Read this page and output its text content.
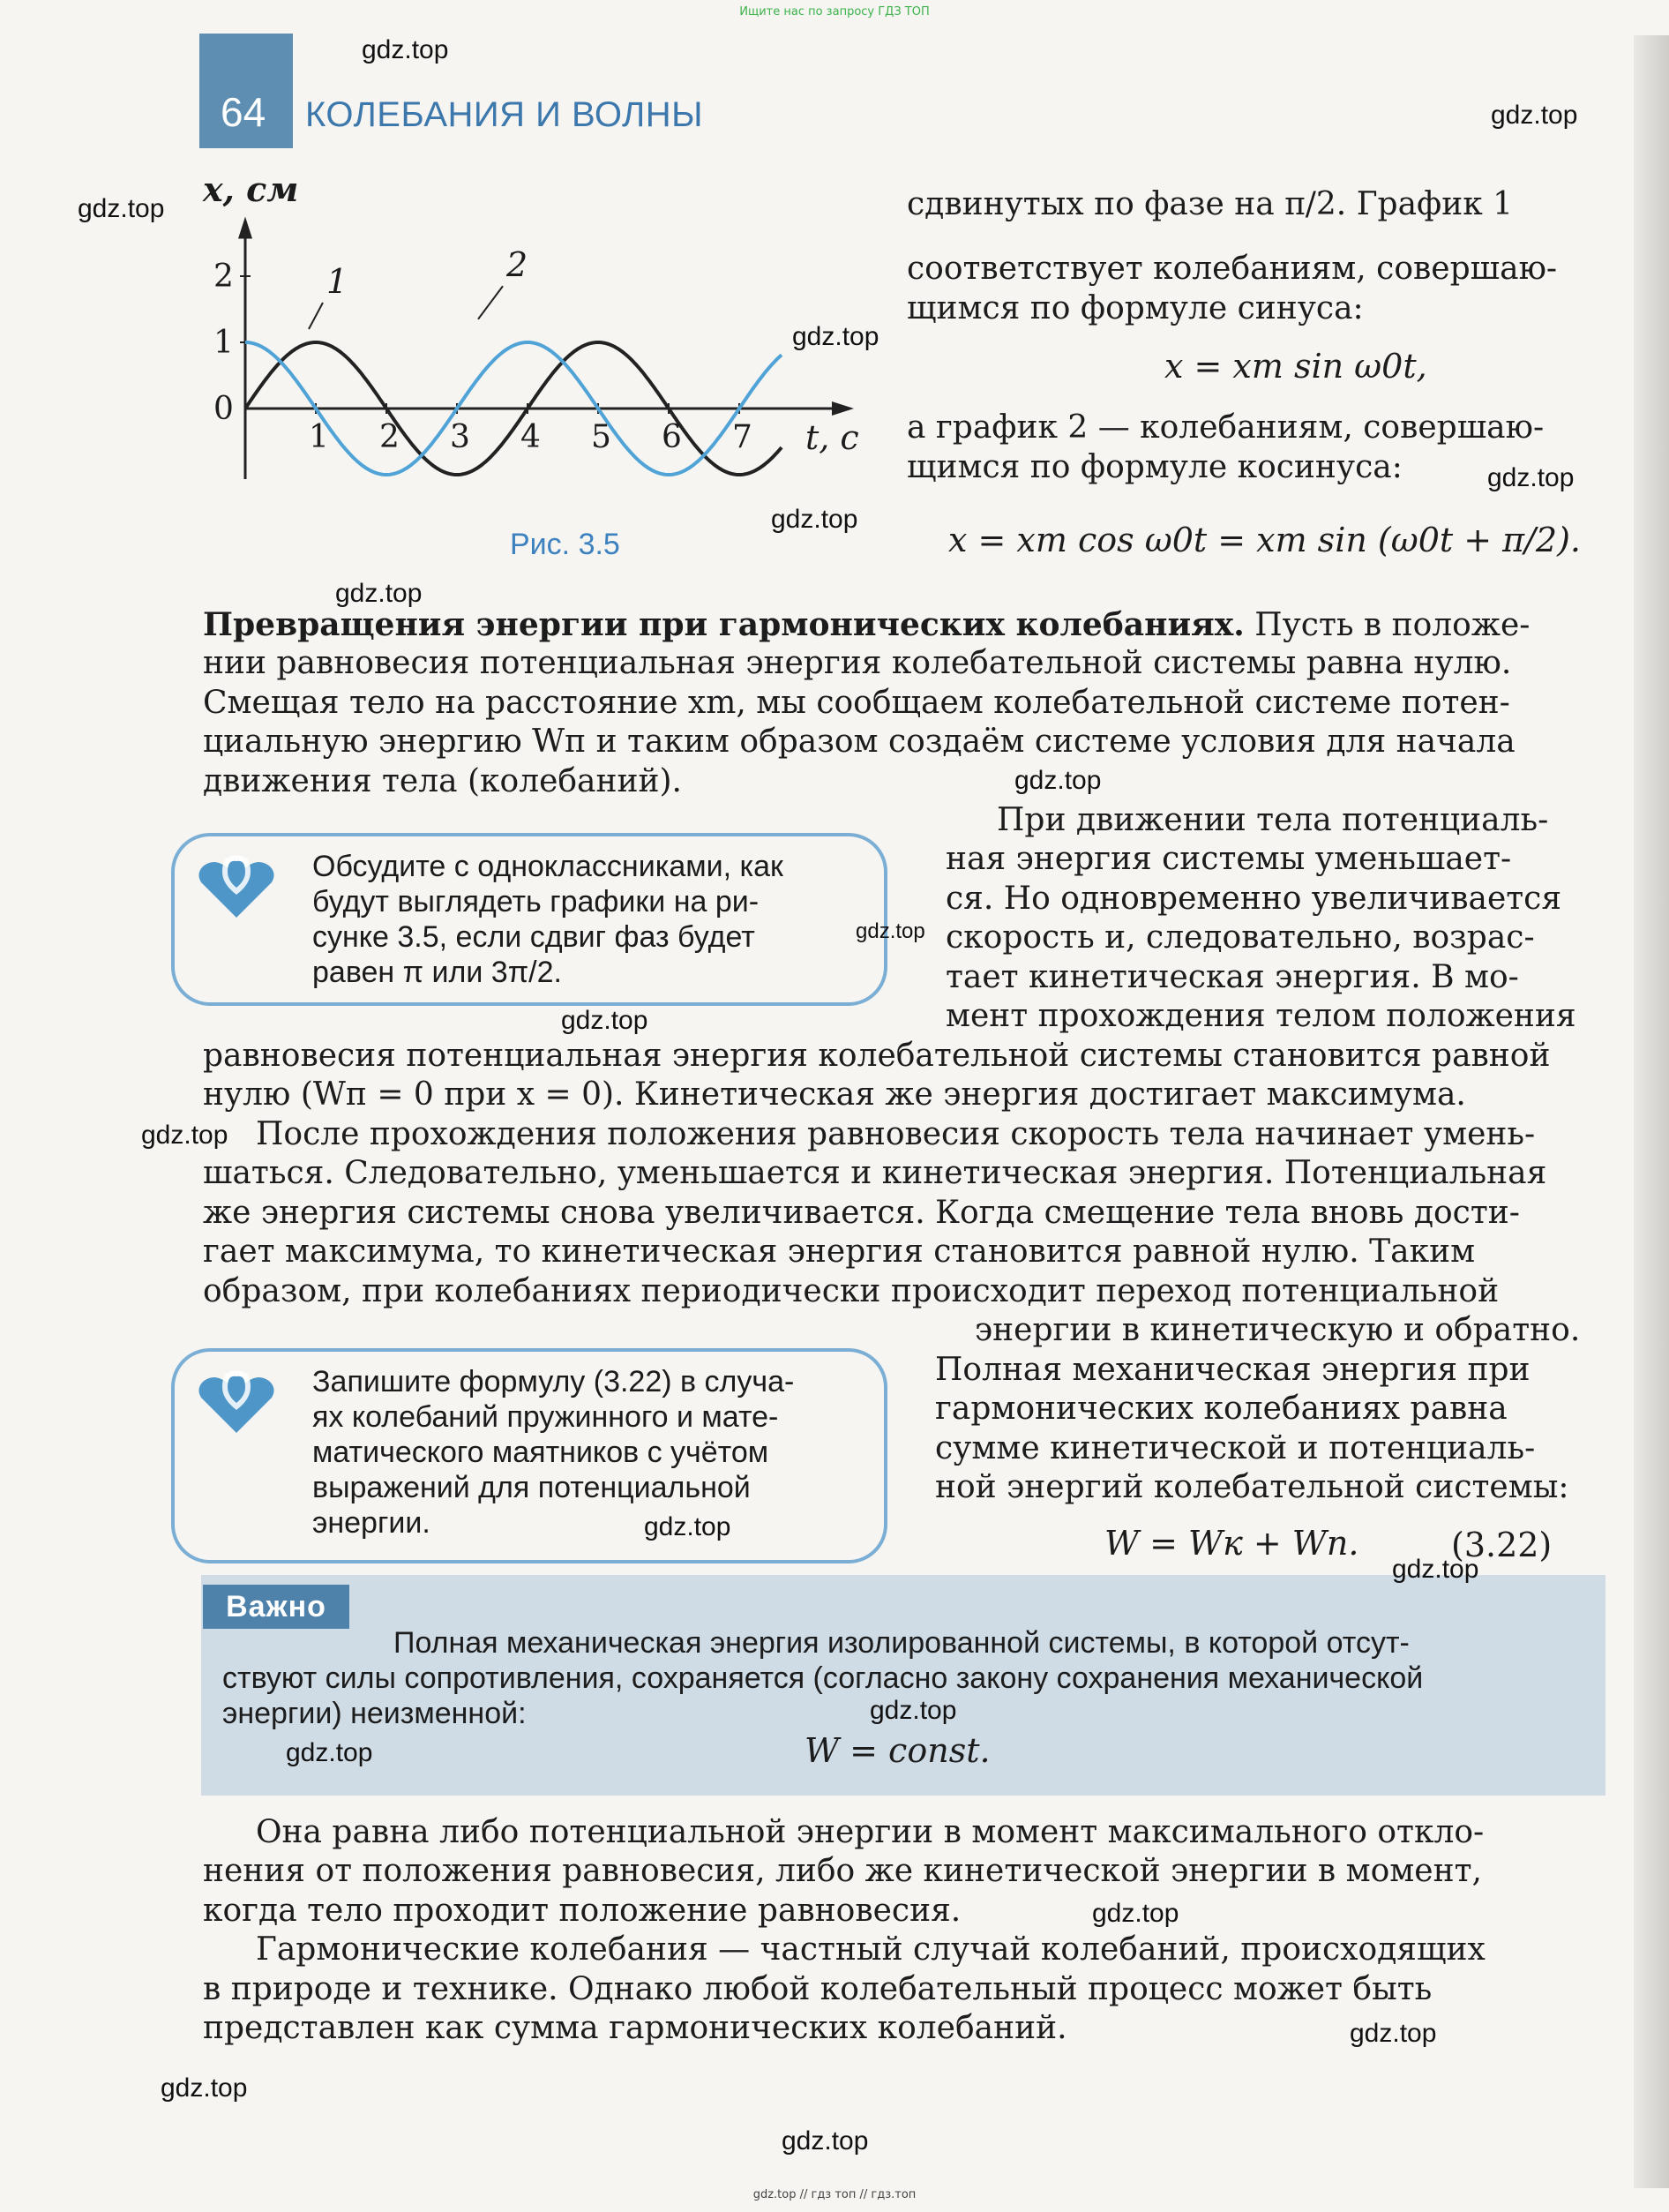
Ищите нас по запросу ГДЗ ТОП
64 КОЛЕБАНИЯ И ВОЛНЫ
1 2 3 4 5 6 7
0
1
2
x, см
t, c
1	2
Рис. 3.5
сдвинутых по фазе на π/2. График 1
соответствует колебаниям, совершаю-
щимся по формуле синуса:
x = xm sin ω0t,
а график 2 — колебаниям, совершаю-
щимся по формуле косинуса:
x = xm cos ω0t = xm sin (ω0t + π/2).
Превращения энергии при гармонических колебаниях. Пусть в положе-
нии равновесия потенциальная энергия колебательной системы равна нулю.
Смещая тело на расстояние xm, мы сообщаем колебательной системе потен-
циальную энергию Wп и таким образом создаём системе условия для начала
движения тела (колебаний).
При движении тела потенциаль-
ная энергия системы уменьшает-
ся. Но одновременно увеличивается
скорость и, следовательно, возрас-
тает кинетическая энергия. В мо-
мент прохождения телом положения
Обсудите с одноклассниками, как
будут выглядеть графики на ри-
сунке 3.5, если сдвиг фаз будет
равен π или 3π/2.
равновесия потенциальная энергия колебательной системы становится равной
нулю (Wп = 0 при x = 0). Кинетическая же энергия достигает максимума.
После прохождения положения равновесия скорость тела начинает умень-
шаться. Следовательно, уменьшается и кинетическая энергия. Потенциальная
же энергия системы снова увеличивается. Когда смещение тела вновь дости-
гает максимума, то кинетическая энергия становится равной нулю. Таким
образом, при колебаниях периодически происходит переход потенциальной
энергии в кинетическую и обратно.
Полная механическая энергия при
гармонических колебаниях равна
сумме кинетической и потенциаль-
ной энергий колебательной системы:
W = Wк + Wп.	(3.22)
Запишите формулу (3.22) в случа-
ях колебаний пружинного и мате-
матического маятников с учётом
выражений для потенциальной
энергии.
Важно
Полная механическая энергия изолированной системы, в которой отсут-
ствуют силы сопротивления, сохраняется (согласно закону сохранения механической
энергии) неизменной:
W = const.
Она равна либо потенциальной энергии в момент максимального откло-
нения от положения равновесия, либо же кинетической энергии в момент,
когда тело проходит положение равновесия.
Гармонические колебания — частный случай колебаний, происходящих
в природе и технике. Однако любой колебательный процесс может быть
представлен как сумма гармонических колебаний.
gdz.top
gdz.top
gdz.top
gdz.top
gdz.top
gdz.top
gdz.top
gdz.top
gdz.top
gdz.top
gdz.top
gdz.top
gdz.top
gdz.top
gdz.top
gdz.top
gdz.top
gdz.top
gdz.top
gdz.top // гдз топ // гдз.топ
